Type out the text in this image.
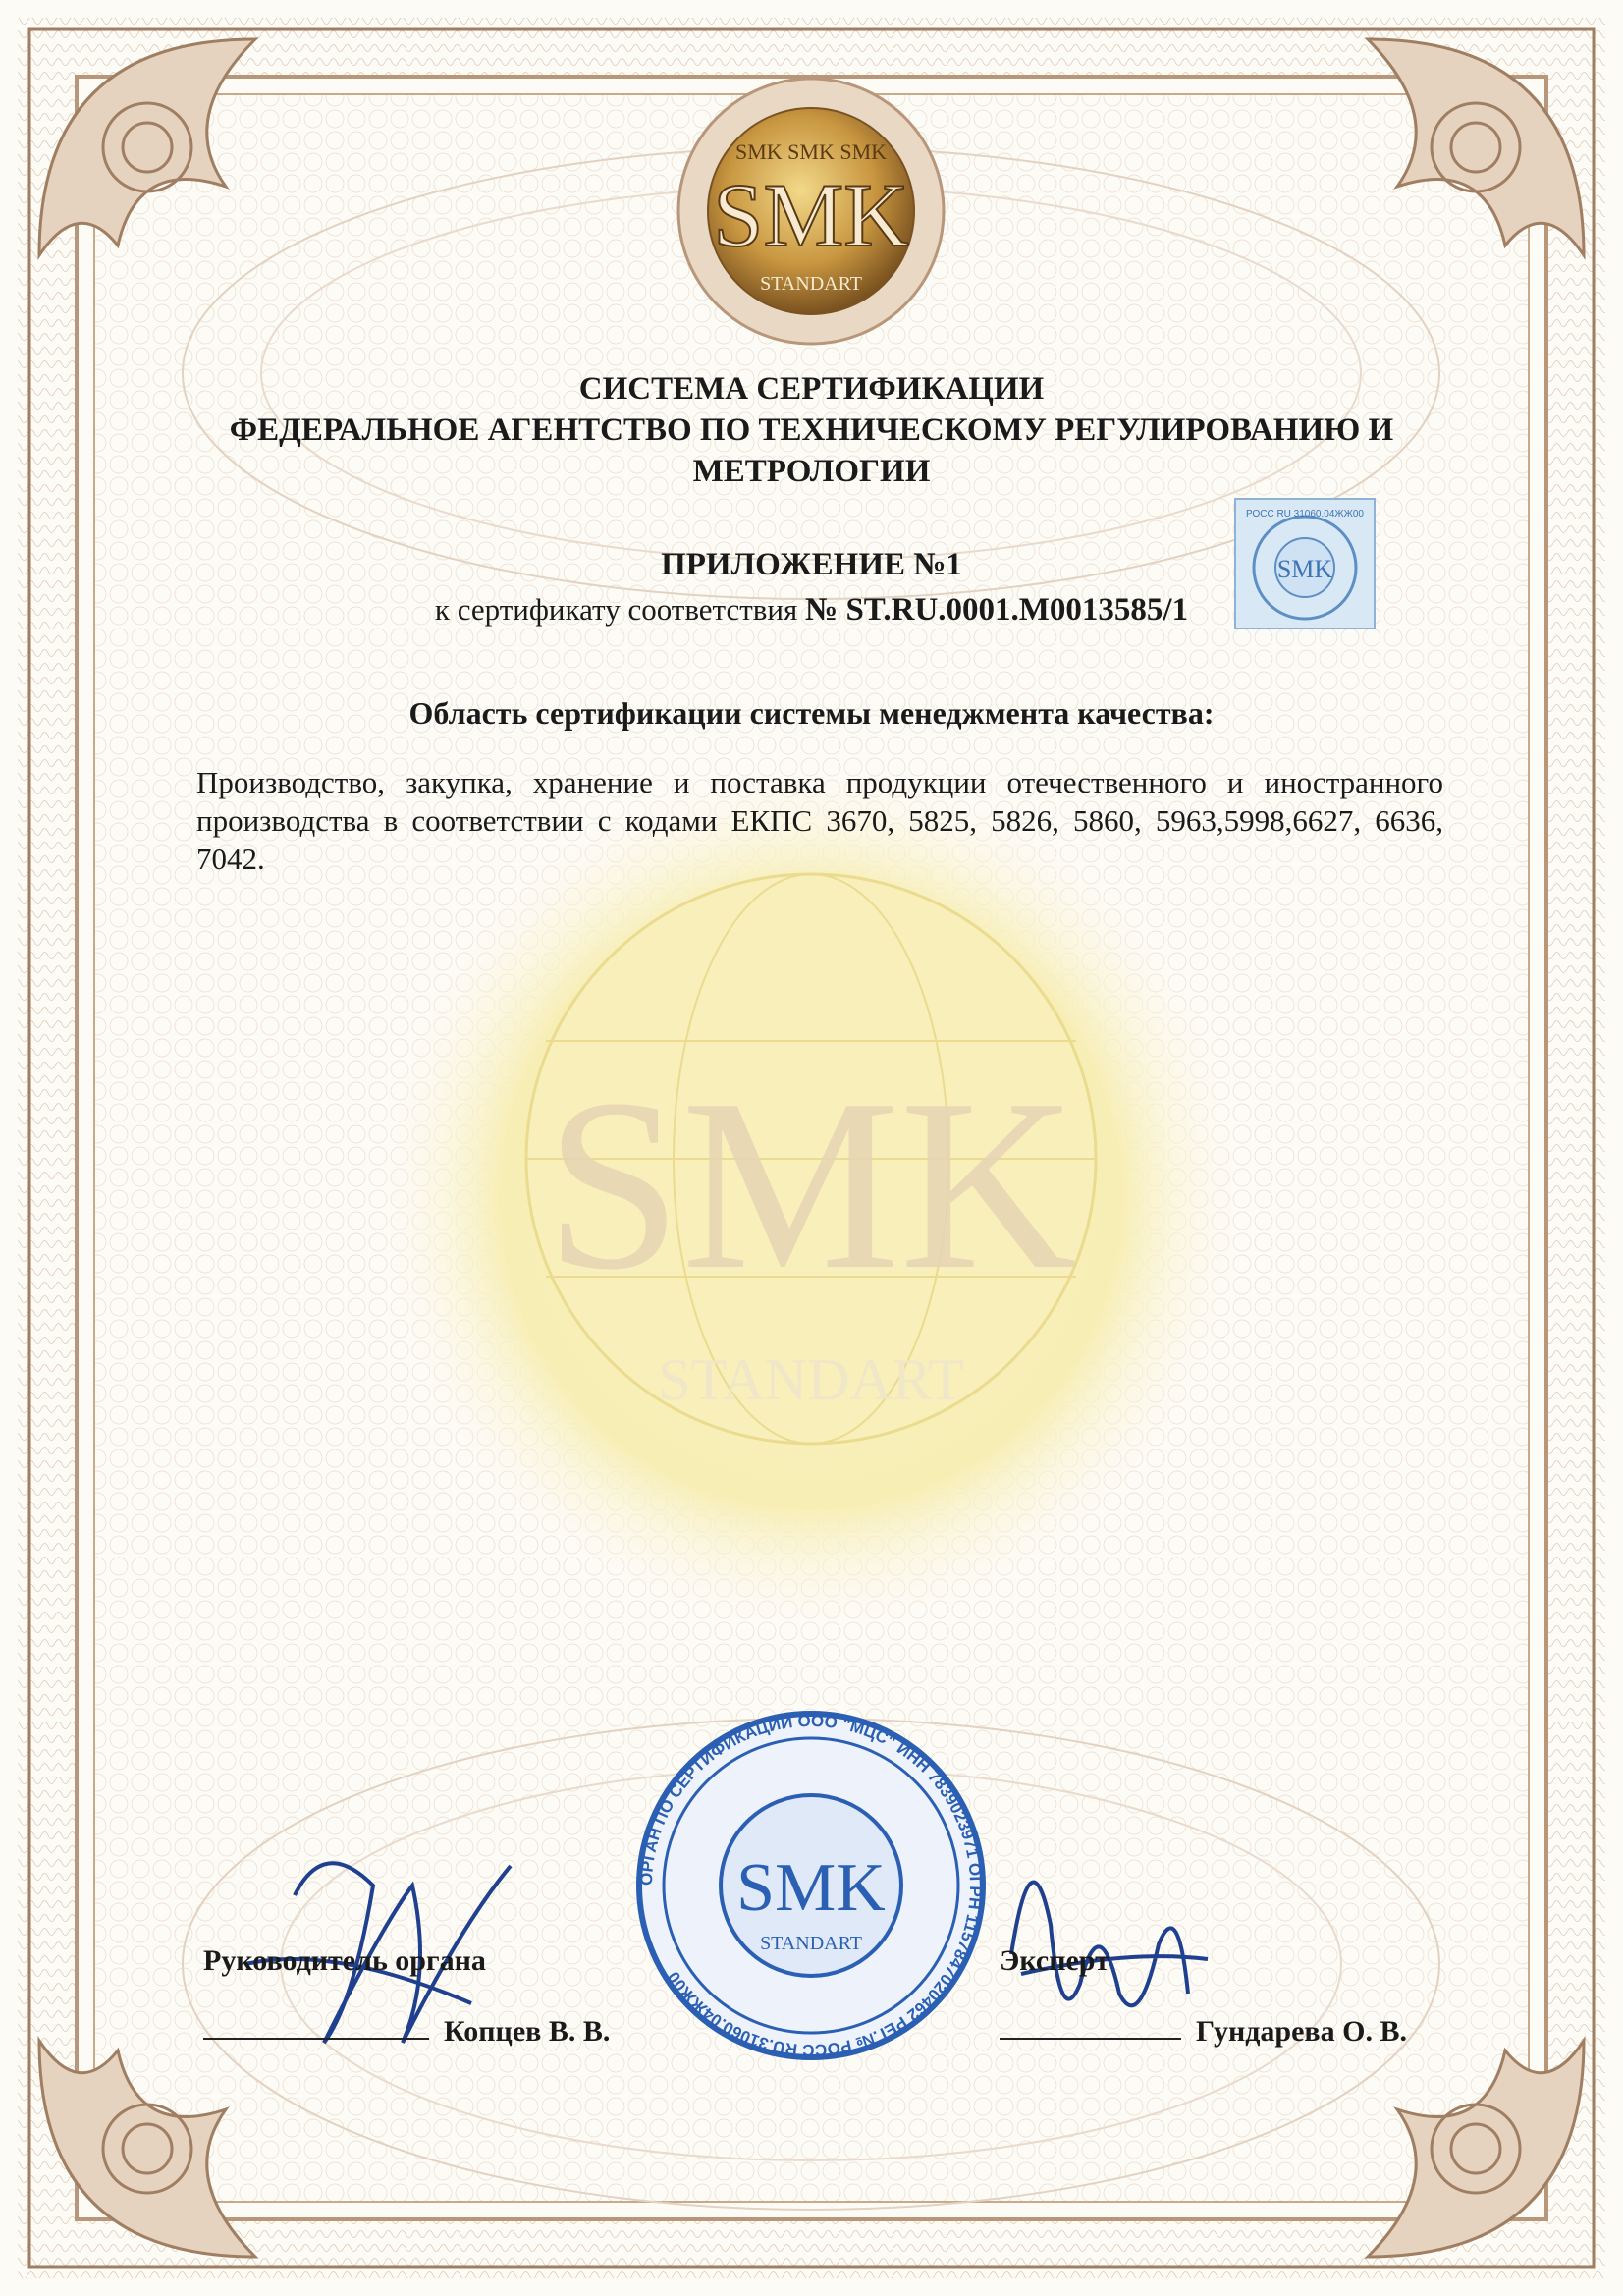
SMK
STANDART
SMK SMK SMK
SMK
STANDART
РОСС RU 31060.04ЖЖ00
SMK
ОРГАН ПО СЕРТИФИКАЦИИ ООО "МЦС" ИНН 7839023971 ОГРН 1157847020462 РЕГ.№ РОСС RU.31060.04ЖЖ00
SMK
STANDART
СИСТЕМА СЕРТИФИКАЦИИ
ФЕДЕРАЛЬНОЕ АГЕНТСТВО ПО ТЕХНИЧЕСКОМУ РЕГУЛИРОВАНИЮ И
МЕТРОЛОГИИ
ПРИЛОЖЕНИЕ №1
к сертификату соответствия № ST.RU.0001.M0013585/1
Область сертификации системы менеджмента качества:
Производство, закупка, хранение и поставка продукции отечественного и иностранного
производства в соответствии с кодами ЕКПС 3670, 5825, 5826, 5860, 5963,5998,6627, 6636,
7042.
Руководитель органа
Копцев В. В.
Эксперт
Гундарева О. В.
